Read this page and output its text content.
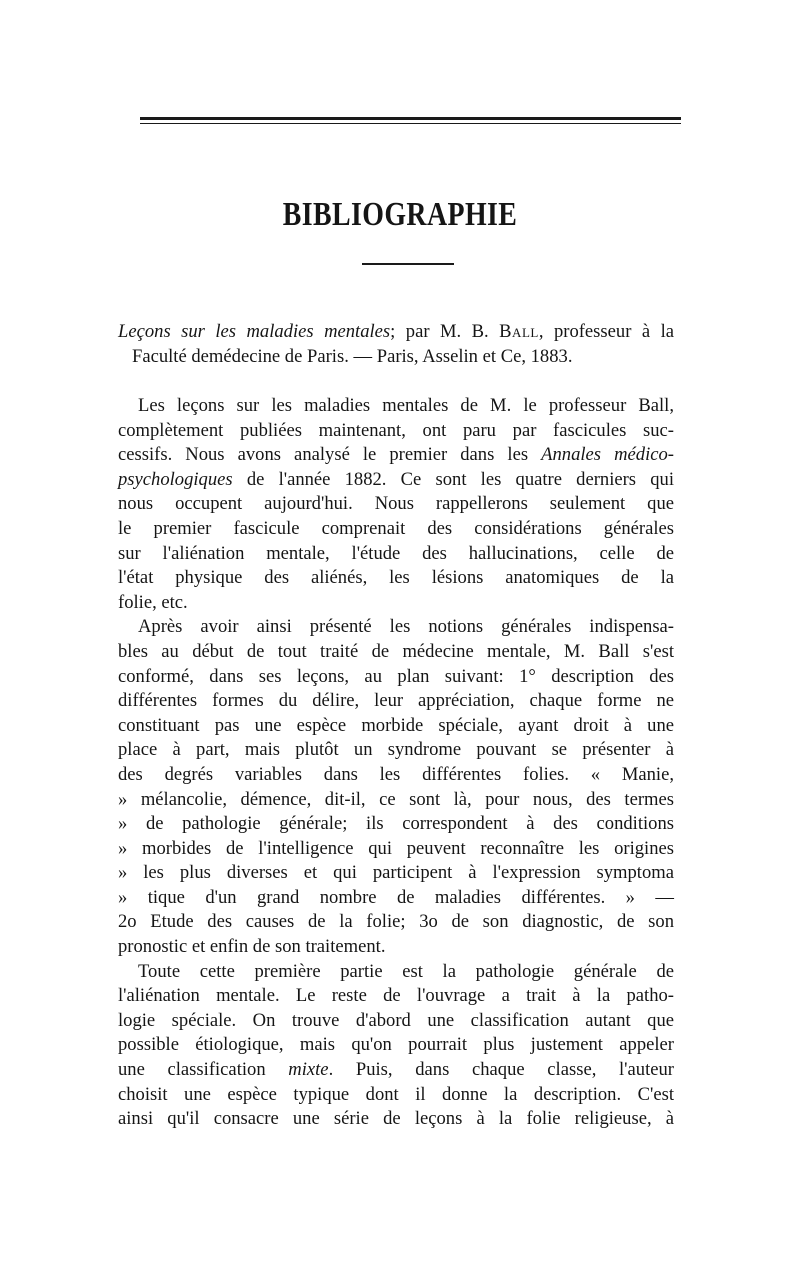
BIBLIOGRAPHIE
Leçons sur les maladies mentales; par M. B. Ball, professeur à la
Faculté demédecine de Paris. — Paris, Asselin et Ce, 1883.
Les leçons sur les maladies mentales de M. le professeur Ball,
complètement publiées maintenant, ont paru par fascicules suc-
cessifs. Nous avons analysé le premier dans les Annales médico-
psychologiques de l'année 1882. Ce sont les quatre derniers qui
nous occupent aujourd'hui. Nous rappellerons seulement que
le premier fascicule comprenait des considérations générales
sur l'aliénation mentale, l'étude des hallucinations, celle de
l'état physique des aliénés, les lésions anatomiques de la
folie, etc.
Après avoir ainsi présenté les notions générales indispensa-
bles au début de tout traité de médecine mentale, M. Ball s'est
conformé, dans ses leçons, au plan suivant: 1° description des
différentes formes du délire, leur appréciation, chaque forme ne
constituant pas une espèce morbide spéciale, ayant droit à une
place à part, mais plutôt un syndrome pouvant se présenter à
des degrés variables dans les différentes folies. « Manie,
» mélancolie, démence, dit-il, ce sont là, pour nous, des termes
» de pathologie générale; ils correspondent à des conditions
» morbides de l'intelligence qui peuvent reconnaître les origines
» les plus diverses et qui participent à l'expression symptoma
» tique d'un grand nombre de maladies différentes. » —
2o Etude des causes de la folie; 3o de son diagnostic, de son
pronostic et enfin de son traitement.
Toute cette première partie est la pathologie générale de
l'aliénation mentale. Le reste de l'ouvrage a trait à la patho-
logie spéciale. On trouve d'abord une classification autant que
possible étiologique, mais qu'on pourrait plus justement appeler
une classification mixte. Puis, dans chaque classe, l'auteur
choisit une espèce typique dont il donne la description. C'est
ainsi qu'il consacre une série de leçons à la folie religieuse, à
